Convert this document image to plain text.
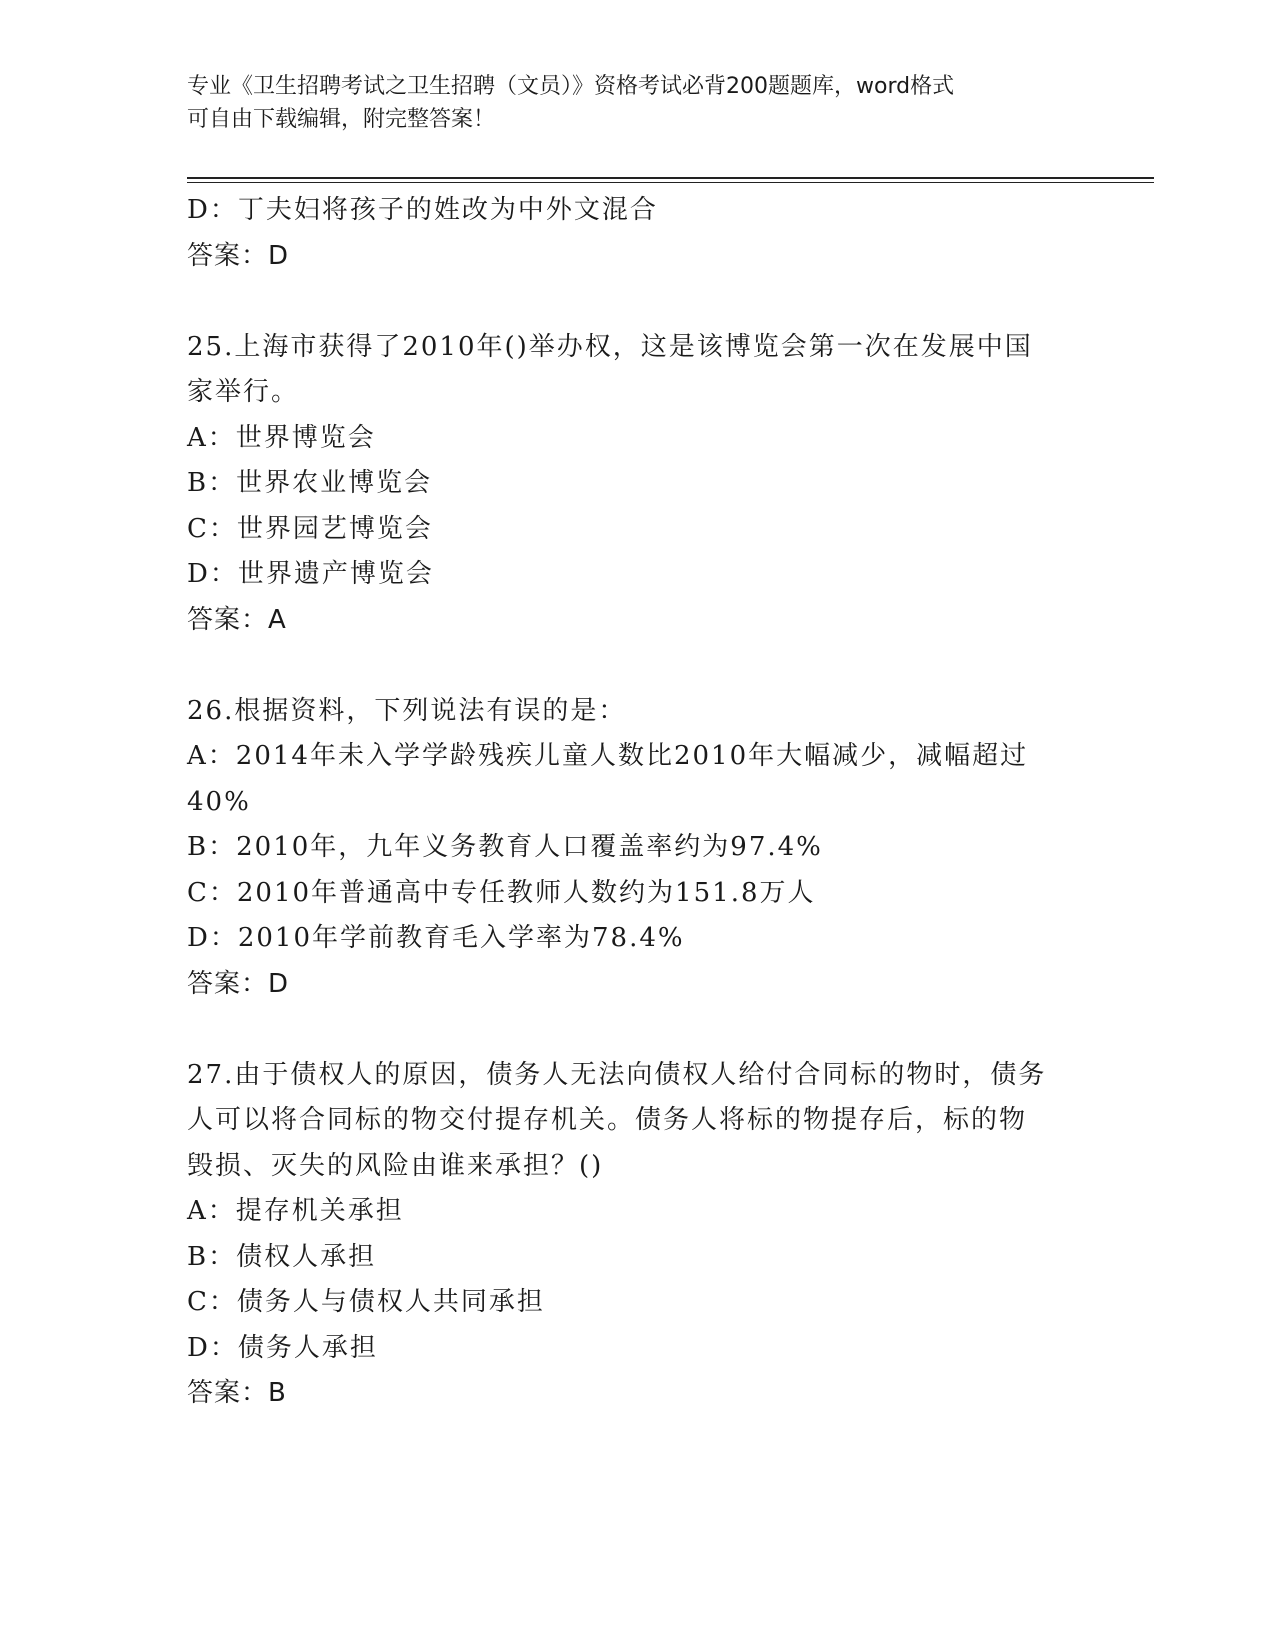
专业《卫生招聘考试之卫生招聘（文员）》资格考试必背200题题库，word格式
可自由下载编辑，附完整答案！
D：丁夫妇将孩子的姓改为中外文混合
答案：D
25.上海市获得了2010年()举办权，这是该博览会第一次在发展中国
家举行。
A：世界博览会
B：世界农业博览会
C：世界园艺博览会
D：世界遗产博览会
答案：A
26.根据资料，下列说法有误的是：
A：2014年未入学学龄残疾儿童人数比2010年大幅减少，减幅超过
40%
B：2010年，九年义务教育人口覆盖率约为97.4%
C：2010年普通高中专任教师人数约为151.8万人
D：2010年学前教育毛入学率为78.4%
答案：D
27.由于债权人的原因，债务人无法向债权人给付合同标的物时，债务
人可以将合同标的物交付提存机关。债务人将标的物提存后，标的物
毁损、灭失的风险由谁来承担？()
A：提存机关承担
B：债权人承担
C：债务人与债权人共同承担
D：债务人承担
答案：B
